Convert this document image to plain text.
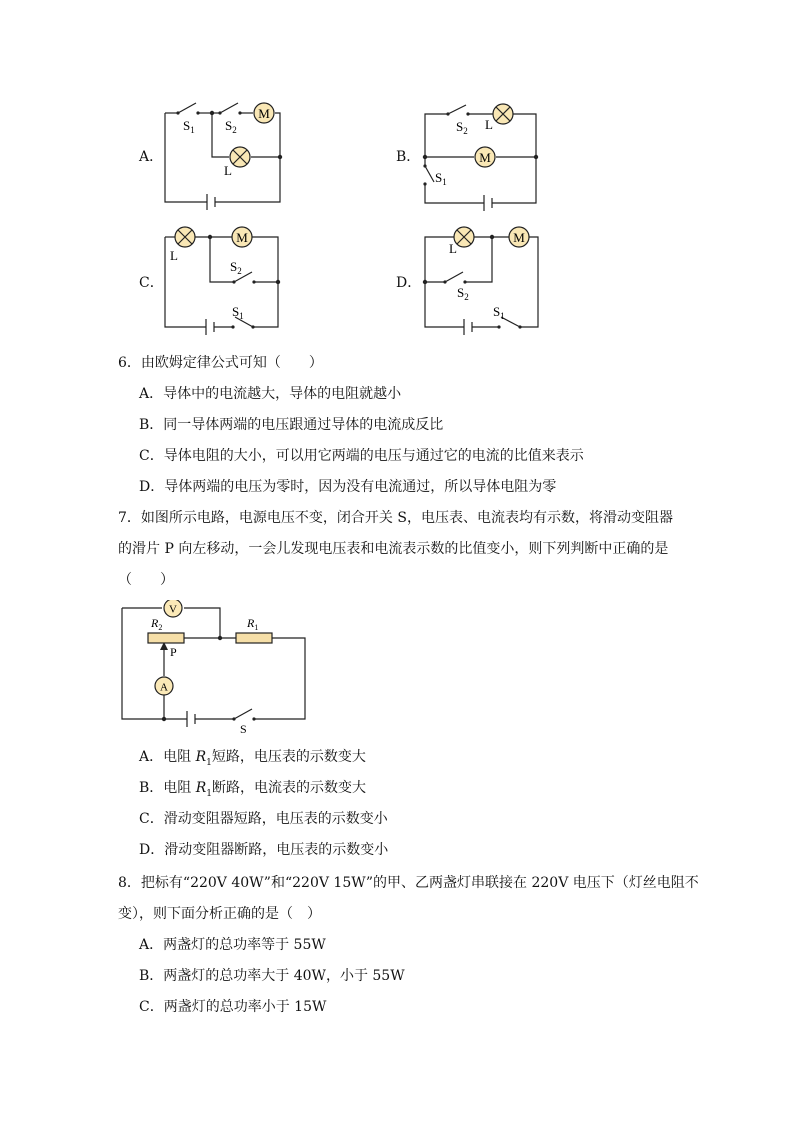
A．	B．
C．	D．
M
$S_1$ $S_2$
L
M
$S_2$ L
$S_1$
M
L
$S_2$
$S_1$
M
L
$S_2$
$S_1$
6．由欧姆定律公式可知（　　）
A．导体中的电流越大，导体的电阻就越小
B．同一导体两端的电压跟通过导体的电流成反比
C．导体电阻的大小，可以用它两端的电压与通过它的电流的比值来表示
D．导体两端的电压为零时，因为没有电流通过，所以导体电阻为零
7．如图所示电路，电源电压不变，闭合开关 S，电压表、电流表均有示数，将滑动变阻器
的滑片 P 向左移动，一会儿发现电压表和电流表示数的比值变小，则下列判断中正确的是
（　　）
V
A
$R_2$	$R_1$
P
S
A．电阻 $R_1$短路，电压表的示数变大
B．电阻 $R_1$断路，电流表的示数变大
C．滑动变阻器短路，电压表的示数变小
D．滑动变阻器断路，电压表的示数变小
8．把标有“220V 40W”和“220V 15W”的甲、乙两盏灯串联接在 220V 电压下（灯丝电阻不
变），则下面分析正确的是（　）
A．两盏灯的总功率等于 55W
B．两盏灯的总功率大于 40W，小于 55W
C．两盏灯的总功率小于 15W
